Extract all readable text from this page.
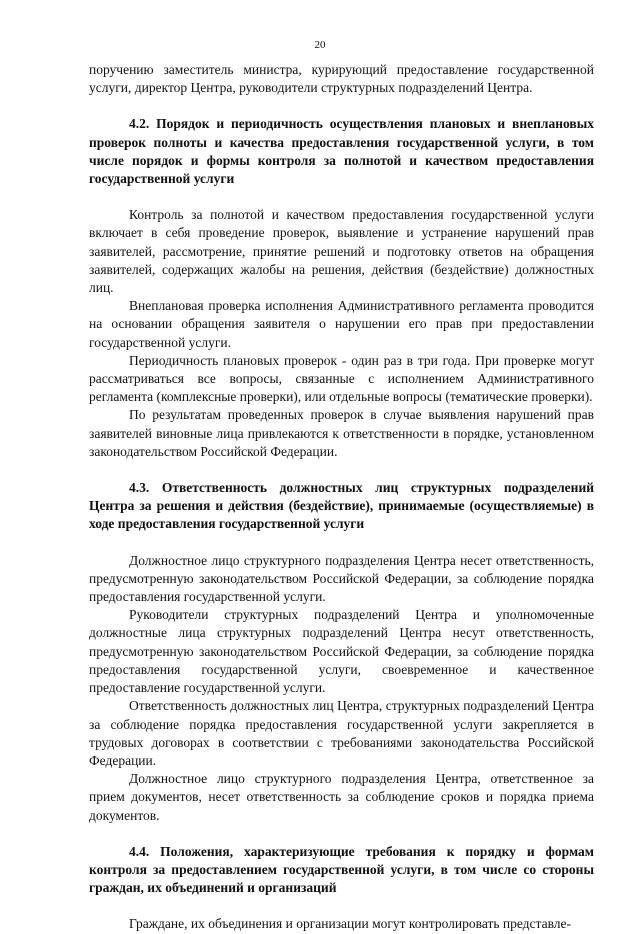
20

поручению заместитель министра, курирующий предоставление государственной услуги, директор Центра, руководители структурных подразделений Центра.

4.2. Порядок и периодичность осуществления плановых и внеплановых проверок полноты и качества предоставления государственной услуги, в том числе порядок и формы контроля за полнотой и качеством предоставления государственной услуги

Контроль за полнотой и качеством предоставления государственной услуги включает в себя проведение проверок, выявление и устранение нарушений прав заявителей, рассмотрение, принятие решений и подготовку ответов на обращения заявителей, содержащих жалобы на решения, действия (бездействие) должностных лиц.

Внеплановая проверка исполнения Административного регламента проводится на основании обращения заявителя о нарушении его прав при предоставлении государственной услуги.

Периодичность плановых проверок - один раз в три года. При проверке могут рассматриваться все вопросы, связанные с исполнением Административного регламента (комплексные проверки), или отдельные вопросы (тематические проверки).

По результатам проведенных проверок в случае выявления нарушений прав заявителей виновные лица привлекаются к ответственности в порядке, установленном законодательством Российской Федерации.

4.3. Ответственность должностных лиц структурных подразделений Центра за решения и действия (бездействие), принимаемые (осуществляемые) в ходе предоставления государственной услуги

Должностное лицо структурного подразделения Центра несет ответственность, предусмотренную законодательством Российской Федерации, за соблюдение порядка предоставления государственной услуги.

Руководители структурных подразделений Центра и уполномоченные должностные лица структурных подразделений Центра несут ответственность, предусмотренную законодательством Российской Федерации, за соблюдение порядка предоставления государственной услуги, своевременное и качественное предоставление государственной услуги.

Ответственность должностных лиц Центра, структурных подразделений Центра за соблюдение порядка предоставления государственной услуги закрепляется в трудовых договорах в соответствии с требованиями законодательства Российской Федерации.

Должностное лицо структурного подразделения Центра, ответственное за прием документов, несет ответственность за соблюдение сроков и порядка приема документов.

4.4. Положения, характеризующие требования к порядку и формам контроля за предоставлением государственной услуги, в том числе со стороны граждан, их объединений и организаций

Граждане, их объединения и организации могут контролировать представле-
